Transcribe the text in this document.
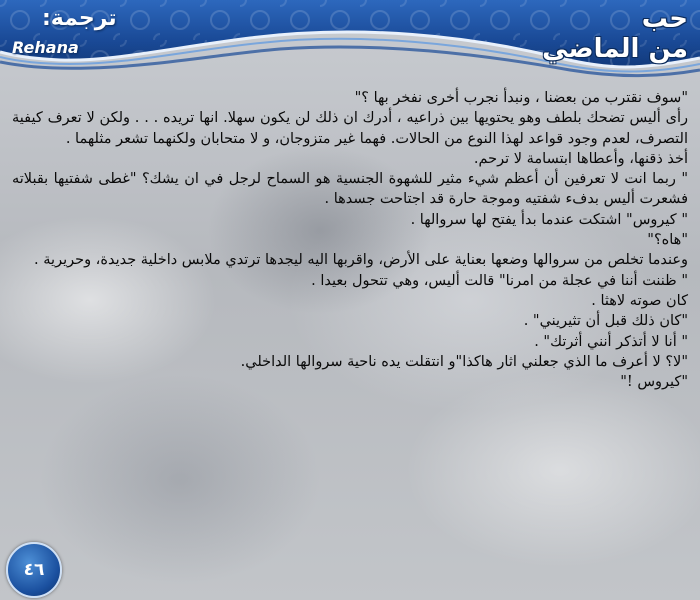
ترجمة:
Rehana
حب
من الماضي

"سوف نقترب من بعضنا ، ونبدأ نجرب أخرى نفخر بها ؟"

رأى أليس تضحك بلطف وهو يحتويها بين ذراعيه ، أدرك ان ذلك لن يكون سهلا. انها تريده . . . ولكن لا تعرف كيفية التصرف، لعدم وجود قواعد لهذا النوع من الحالات. فهما غير متزوجان، و لا متحابان ولكنهما تشعر مثلهما .

أخذ ذقنها، وأعطاها ابتسامة لا ترحم.

" ربما انت لا تعرفين أن أعظم شيء مثير للشهوة الجنسية هو السماح لرجل في ان يشك؟ "غطى شفتيها بقبلاته فشعرت أليس بدفء شفتيه وموجة حارة قد اجتاحت جسدها .

" كيروس" اشتكت عندما بدأ يفتح لها سروالها .

"هاه؟"

وعندما تخلص من سروالها وضعها بعناية على الأرض، واقربها اليه ليجدها ترتدي ملابس داخلية جديدة، وحريرية .

" ظننت أننا في عجلة من امرنا" قالت أليس، وهي تتحول بعيدا .

كان صوته لاهثا .

"كان ذلك قبل أن تثيريني" .

" أنا لا أتذكر أنني أثرتك" .

"لا؟ لا أعرف ما الذي جعلني اثار هاكذا"و انتقلت يده ناحية سروالها الداخلي.

"كيروس !"

٤٦
